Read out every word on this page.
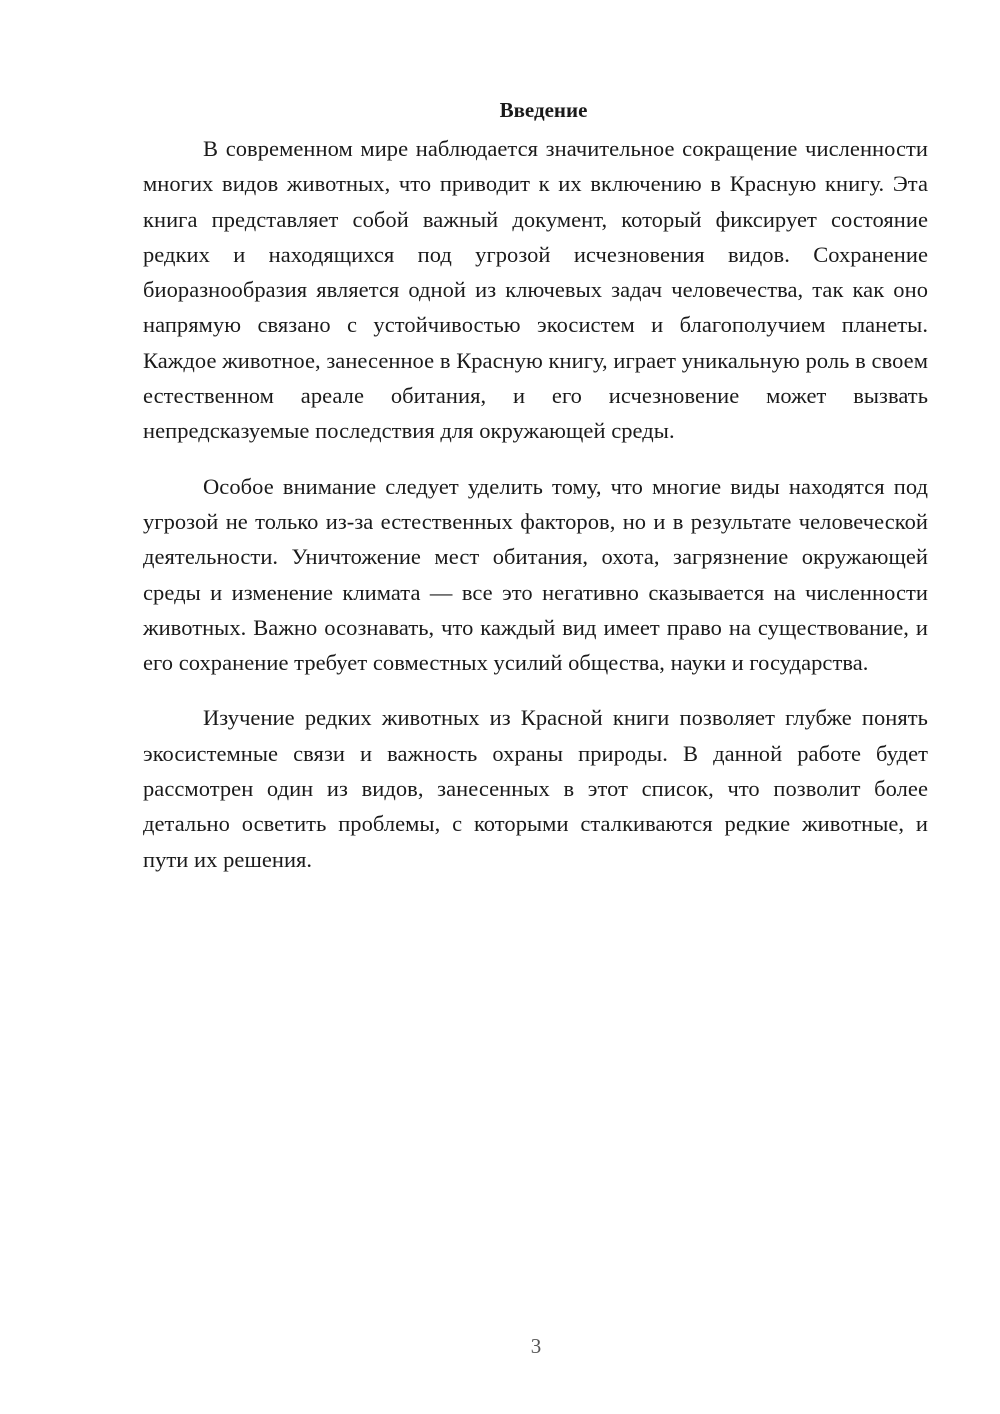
Введение

В современном мире наблюдается значительное сокращение численности многих видов животных, что приводит к их включению в Красную книгу. Эта книга представляет собой важный документ, который фиксирует состояние редких и находящихся под угрозой исчезновения видов. Сохранение биоразнообразия является одной из ключевых задач человечества, так как оно напрямую связано с устойчивостью экосистем и благополучием планеты. Каждое животное, занесенное в Красную книгу, играет уникальную роль в своем естественном ареале обитания, и его исчезновение может вызвать непредсказуемые последствия для окружающей среды.

Особое внимание следует уделить тому, что многие виды находятся под угрозой не только из-за естественных факторов, но и в результате человеческой деятельности. Уничтожение мест обитания, охота, загрязнение окружающей среды и изменение климата — все это негативно сказывается на численности животных. Важно осознавать, что каждый вид имеет право на существование, и его сохранение требует совместных усилий общества, науки и государства.

Изучение редких животных из Красной книги позволяет глубже понять экосистемные связи и важность охраны природы. В данной работе будет рассмотрен один из видов, занесенных в этот список, что позволит более детально осветить проблемы, с которыми сталкиваются редкие животные, и пути их решения.

3
